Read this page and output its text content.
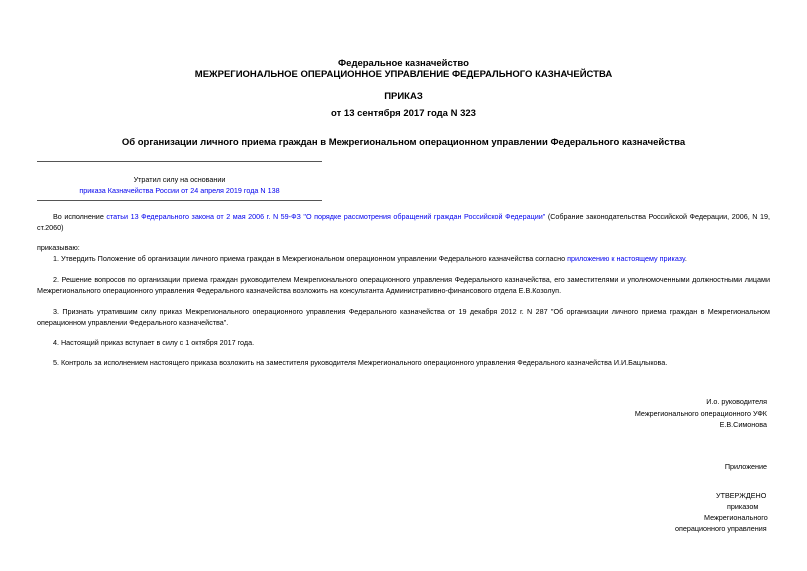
Федеральное казначейство
МЕЖРЕГИОНАЛЬНОЕ ОПЕРАЦИОННОЕ УПРАВЛЕНИЕ ФЕДЕРАЛЬНОГО КАЗНАЧЕЙСТВА
ПРИКАЗ
от 13 сентября 2017 года N 323
Об организации личного приема граждан в Межрегиональном операционном управлении Федерального казначейства
Утратил силу на основании
приказа Казначейства России от 24 апреля 2019 года N 138
Во исполнение статьи 13 Федерального закона от 2 мая 2006 г. N 59-ФЗ "О порядке рассмотрения обращений граждан Российской Федерации" (Собрание законодательства Российской Федерации, 2006, N 19, ст.2060)
приказываю:
1. Утвердить Положение об организации личного приема граждан в Межрегиональном операционном управлении Федерального казначейства согласно приложению к настоящему приказу.
2. Решение вопросов по организации приема граждан руководителем Межрегионального операционного управления Федерального казначейства, его заместителями и уполномоченными должностными лицами Межрегионального операционного управления Федерального казначейства возложить на консультанта Административно-финансового отдела Е.В.Козолуп.
3. Признать утратившим силу приказ Межрегионального операционного управления Федерального казначейства от 19 декабря 2012 г. N 287 "Об организации личного приема граждан в Межрегиональном операционном управлении Федерального казначейства".
4. Настоящий приказ вступает в силу с 1 октября 2017 года.
5. Контроль за исполнением настоящего приказа возложить на заместителя руководителя Межрегионального операционного управления Федерального казначейства И.И.Бацлыкова.
И.о. руководителя
Межрегионального операционного УФК
Е.В.Симонова
Приложение
УТВЕРЖДЕНО
приказом
Межрегионального
операционного управления
